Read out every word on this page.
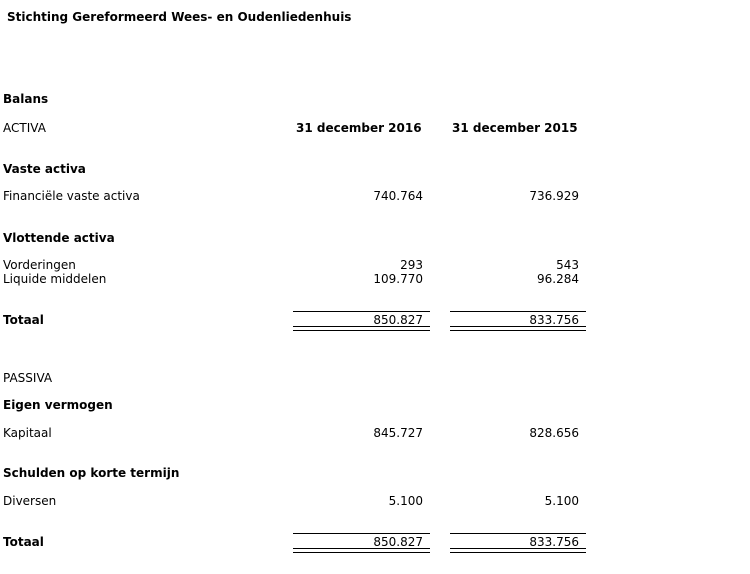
Stichting Gereformeerd Wees- en Oudenliedenhuis
Balans
ACTIVA	31 december 2016	31 december 2015
Vaste activa
Financiële vaste activa	740.764	736.929
Vlottende activa
Vorderingen	293	543
Liquide middelen	109.770	96.284
Totaal	850.827	833.756
PASSIVA
Eigen vermogen
Kapitaal	845.727	828.656
Schulden op korte termijn
Diversen	5.100	5.100
Totaal	850.827	833.756
